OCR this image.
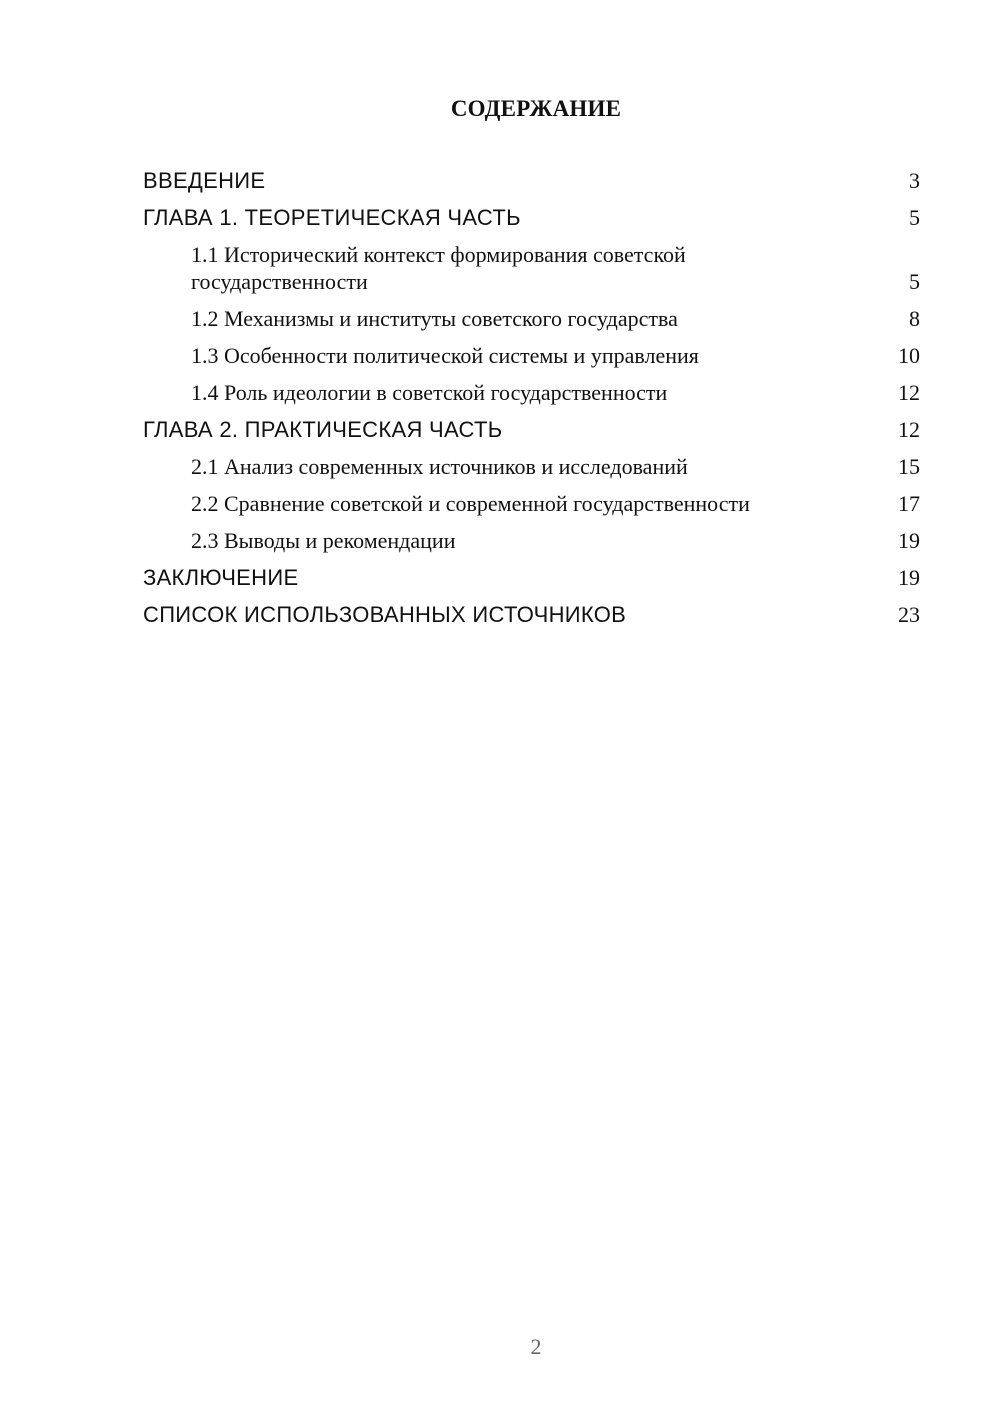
СОДЕРЖАНИЕ
ВВЕДЕНИЕ	3
ГЛАВА 1. ТЕОРЕТИЧЕСКАЯ ЧАСТЬ	5
1.1 Исторический контекст формирования советской государственности	5
1.2 Механизмы и институты советского государства	8
1.3 Особенности политической системы и управления	10
1.4 Роль идеологии в советской государственности	12
ГЛАВА 2. ПРАКТИЧЕСКАЯ ЧАСТЬ	12
2.1 Анализ современных источников и исследований	15
2.2 Сравнение советской и современной государственности	17
2.3 Выводы и рекомендации	19
ЗАКЛЮЧЕНИЕ	19
СПИСОК ИСПОЛЬЗОВАННЫХ ИСТОЧНИКОВ	23
2
